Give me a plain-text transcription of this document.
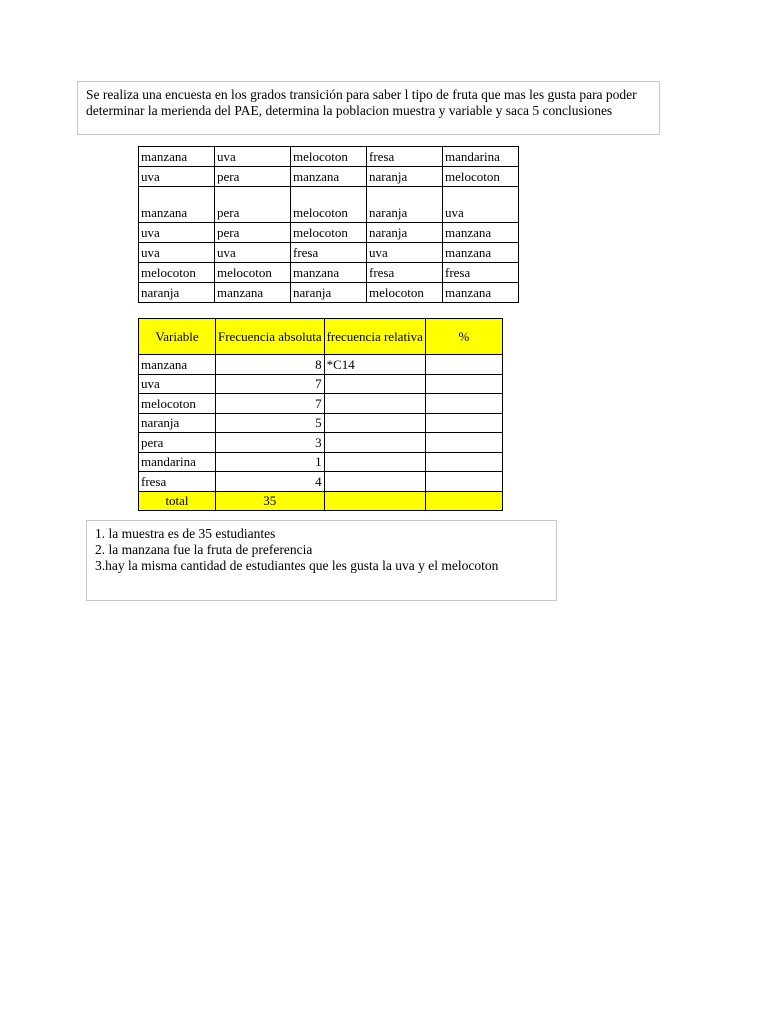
Se realiza una encuesta en los grados transición para saber l tipo de fruta que mas les gusta para poder
determinar la merienda del PAE, determina la poblacion muestra y variable y saca 5 conclusiones
manzana	uva	melocoton	fresa	mandarina
uva	pera	manzana	naranja	melocoton
manzana	pera	melocoton	naranja	uva
uva	pera	melocoton	naranja	manzana
uva	uva	fresa	uva	manzana
melocoton	melocoton	manzana	fresa	fresa
naranja	manzana	naranja	melocoton	manzana
Variable	Frecuencia absoluta	frecuencia relativa	%
manzana	8	*C14	
uva	7		
melocoton	7		
naranja	5		
pera	3		
mandarina	1		
fresa	4		
total	35		
1. la muestra es de 35 estudiantes
2. la manzana fue la fruta de preferencia
3.hay la misma cantidad de estudiantes que les gusta la uva y el melocoton
